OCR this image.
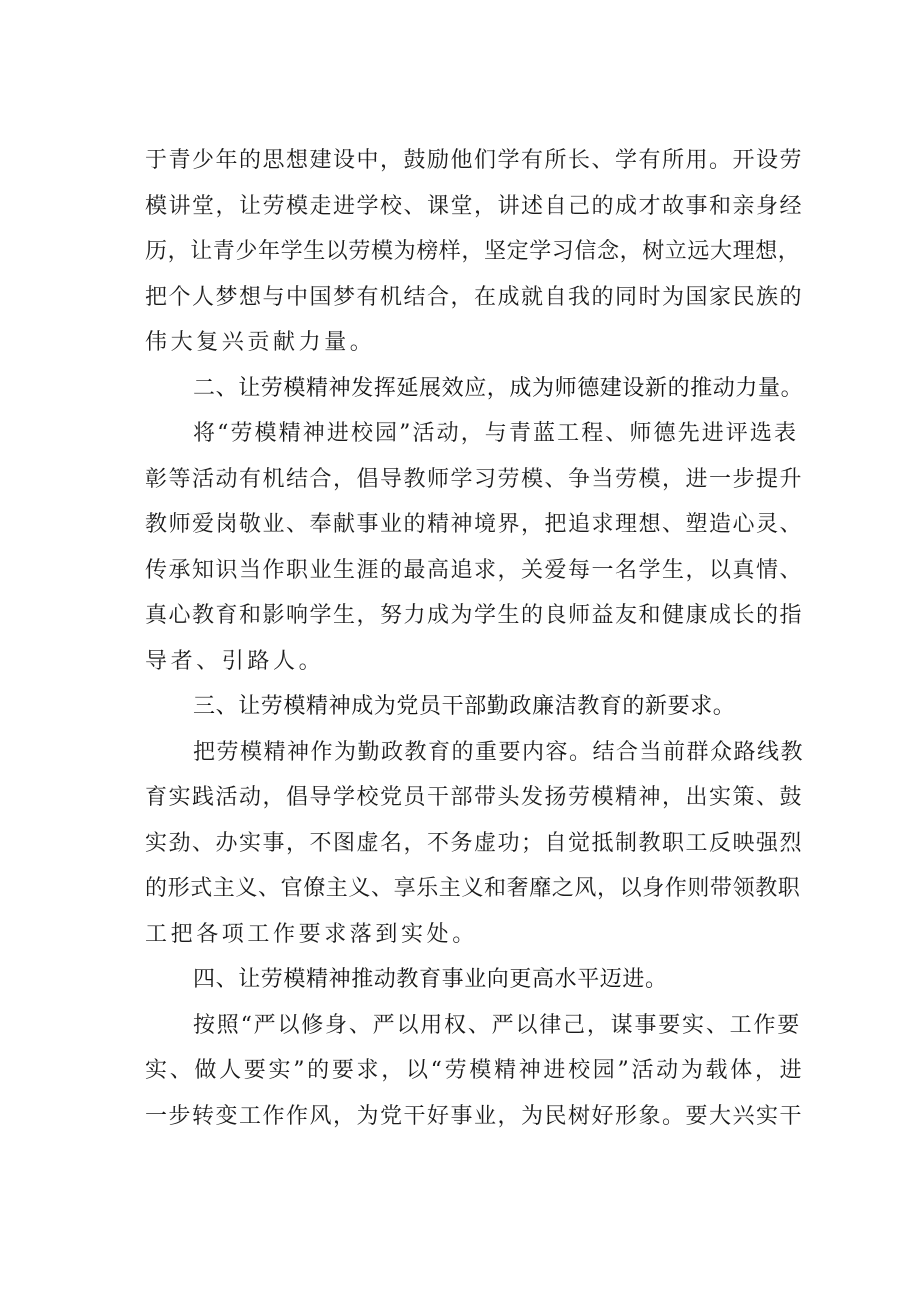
于青少年的思想建设中，鼓励他们学有所长、学有所用。开设劳
模讲堂，让劳模走进学校、课堂，讲述自己的成才故事和亲身经
历，让青少年学生以劳模为榜样，坚定学习信念，树立远大理想，
把个人梦想与中国梦有机结合，在成就自我的同时为国家民族的
伟大复兴贡献力量。
二、让劳模精神发挥延展效应，成为师德建设新的推动力量。
将“劳模精神进校园”活动，与青蓝工程、师德先进评选表
彰等活动有机结合，倡导教师学习劳模、争当劳模，进一步提升
教师爱岗敬业、奉献事业的精神境界，把追求理想、塑造心灵、
传承知识当作职业生涯的最高追求，关爱每一名学生，以真情、
真心教育和影响学生，努力成为学生的良师益友和健康成长的指
导者、引路人。
三、让劳模精神成为党员干部勤政廉洁教育的新要求。
把劳模精神作为勤政教育的重要内容。结合当前群众路线教
育实践活动，倡导学校党员干部带头发扬劳模精神，出实策、鼓
实劲、办实事，不图虚名，不务虚功；自觉抵制教职工反映强烈
的形式主义、官僚主义、享乐主义和奢靡之风，以身作则带领教职
工把各项工作要求落到实处。
四、让劳模精神推动教育事业向更高水平迈进。
按照“严以修身、严以用权、严以律己，谋事要实、工作要
实、做人要实”的要求，以“劳模精神进校园”活动为载体，进
一步转变工作作风，为党干好事业，为民树好形象。要大兴实干
